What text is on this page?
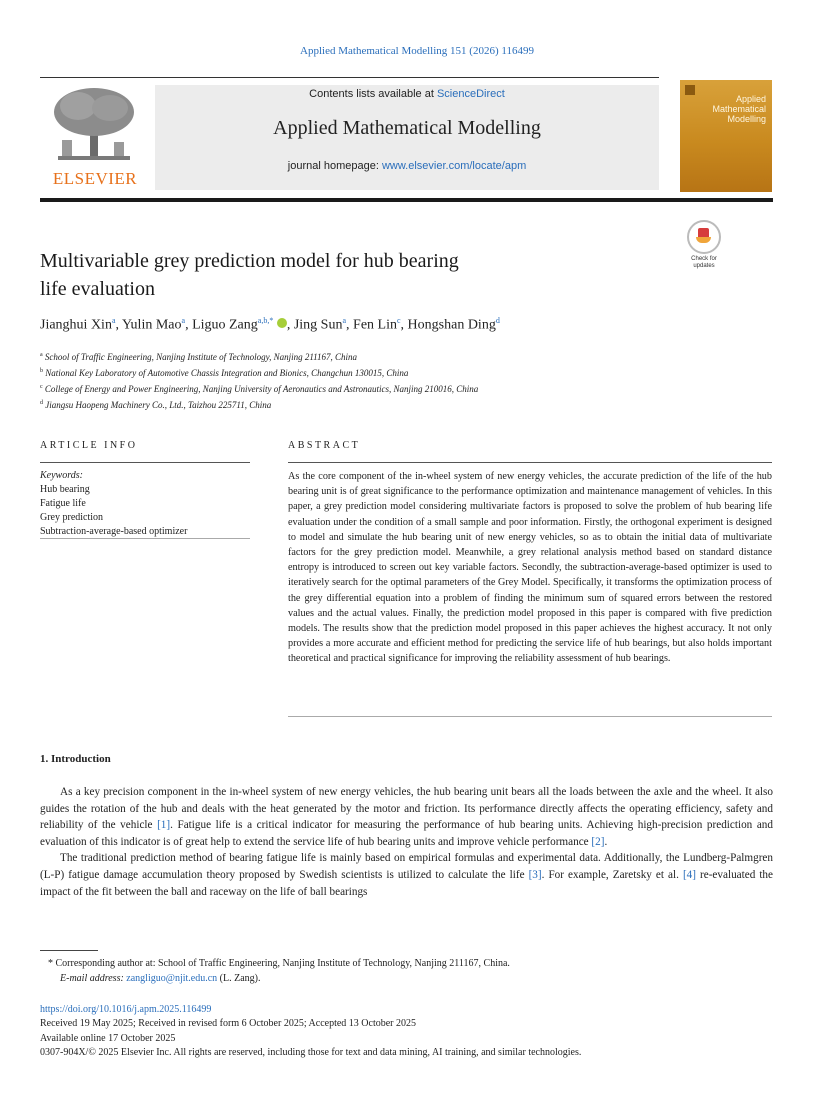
Applied Mathematical Modelling 151 (2026) 116499
ELSEVIER
Contents lists available at ScienceDirect
Applied Mathematical Modelling
journal homepage: www.elsevier.com/locate/apm
Applied
Mathematical
Modelling
Multivariable grey prediction model for hub bearing
life evaluation
Check for updates
Jianghui Xin$^a$, Yulin Mao$^a$, Liguo Zang$^{a,b,*}$ , Jing Sun$^a$, Fen Lin$^c$, Hongshan Ding$^d$
$^a$ School of Traffic Engineering, Nanjing Institute of Technology, Nanjing 211167, China
$^b$ National Key Laboratory of Automotive Chassis Integration and Bionics, Changchun 130015, China
$^c$ College of Energy and Power Engineering, Nanjing University of Aeronautics and Astronautics, Nanjing 210016, China
$^d$ Jiangsu Haopeng Machinery Co., Ltd., Taizhou 225711, China
ARTICLE INFO	ABSTRACT
Keywords:
Hub bearing
Fatigue life
Grey prediction
Subtraction-average-based optimizer
As the core component of the in-wheel system of new energy vehicles, the accurate prediction of the life of the hub bearing unit is of great significance to the performance optimization and maintenance management of vehicles. In this paper, a grey prediction model considering multivariate factors is proposed to solve the problem of hub bearing life evaluation under the condition of a small sample and poor information. Firstly, the orthogonal experiment is designed to model and simulate the hub bearing unit of new energy vehicles, so as to obtain the initial data of multivariate factors for the grey prediction model. Meanwhile, a grey relational analysis method based on standard distance entropy is introduced to screen out key variable factors. Secondly, the subtraction-average-based optimizer is used to iteratively search for the optimal parameters of the Grey Model. Specifically, it transforms the optimization process of the grey differential equation into a problem of finding the minimum sum of squared errors between the restored values and the actual values. Finally, the prediction model proposed in this paper is compared with five prediction models. The results show that the prediction model proposed in this paper achieves the highest accuracy. It not only provides a more accurate and efficient method for predicting the service life of hub bearings, but also holds important theoretical and practical significance for improving the reliability assessment of hub bearings.
1. Introduction

As a key precision component in the in-wheel system of new energy vehicles, the hub bearing unit bears all the loads between the axle and the wheel. It also guides the rotation of the hub and deals with the heat generated by the motor and friction. Its performance directly affects the operating efficiency, safety and reliability of the vehicle [1]. Fatigue life is a critical indicator for measuring the performance of hub bearing units. Achieving high-precision prediction and evaluation of this indicator is of great help to extend the service life of hub bearing units and improve vehicle performance [2].

The traditional prediction method of bearing fatigue life is mainly based on empirical formulas and experimental data. Additionally, the Lundberg-Palmgren (L-P) fatigue damage accumulation theory proposed by Swedish scientists is utilized to calculate the life [3]. For example, Zaretsky et al. [4] re-evaluated the impact of the fit between the ball and raceway on the life of ball bearings

* Corresponding author at: School of Traffic Engineering, Nanjing Institute of Technology, Nanjing 211167, China.
E-mail address: zangliguo@njit.edu.cn (L. Zang).
https://doi.org/10.1016/j.apm.2025.116499
Received 19 May 2025; Received in revised form 6 October 2025; Accepted 13 October 2025
Available online 17 October 2025
0307-904X/© 2025 Elsevier Inc. All rights are reserved, including those for text and data mining, AI training, and similar technologies.
